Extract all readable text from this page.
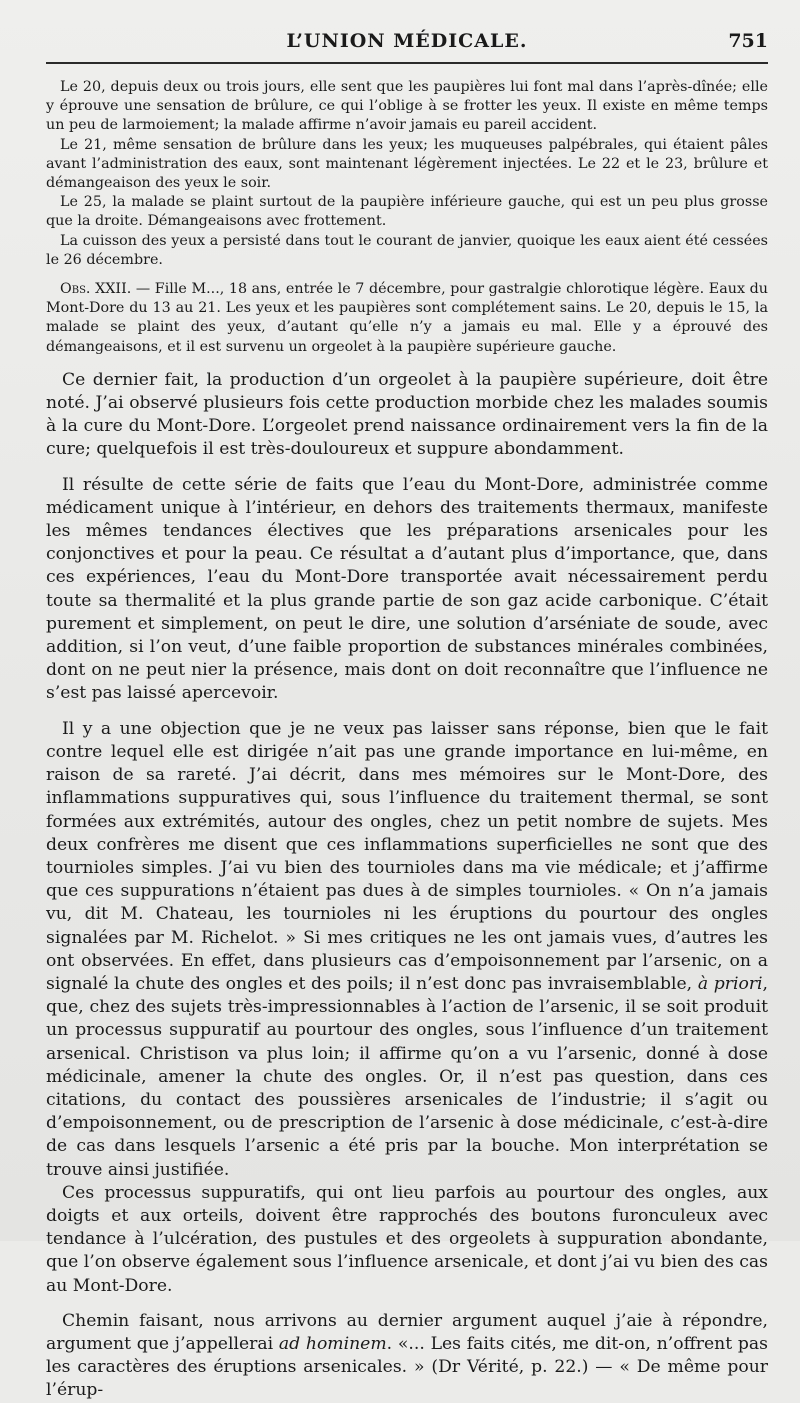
L’UNION MÉDICALE.	751

Le 20, depuis deux ou trois jours, elle sent que les paupières lui font mal dans l’après-dînée; elle y éprouve une sensation de brûlure, ce qui l’oblige à se frotter les yeux. Il existe en même temps un peu de larmoiement; la malade affirme n’avoir jamais eu pareil accident.

Le 21, même sensation de brûlure dans les yeux; les muqueuses palpébrales, qui étaient pâles avant l’administration des eaux, sont maintenant légèrement injectées. Le 22 et le 23, brûlure et démangeaison des yeux le soir.

Le 25, la malade se plaint surtout de la paupière inférieure gauche, qui est un peu plus grosse que la droite. Démangeaisons avec frottement.

La cuisson des yeux a persisté dans tout le courant de janvier, quoique les eaux aient été cessées le 26 décembre.

Obs. XXII. — Fille M..., 18 ans, entrée le 7 décembre, pour gastralgie chlorotique légère. Eaux du Mont-Dore du 13 au 21. Les yeux et les paupières sont complétement sains. Le 20, depuis le 15, la malade se plaint des yeux, d’autant qu’elle n’y a jamais eu mal. Elle y a éprouvé des démangeaisons, et il est survenu un orgeolet à la paupière supérieure gauche.

Ce dernier fait, la production d’un orgeolet à la paupière supérieure, doit être noté. J’ai observé plusieurs fois cette production morbide chez les malades soumis à la cure du Mont-Dore. L’orgeolet prend naissance ordinairement vers la fin de la cure; quelquefois il est très-douloureux et suppure abondamment.

Il résulte de cette série de faits que l’eau du Mont-Dore, administrée comme médicament unique à l’intérieur, en dehors des traitements thermaux, manifeste les mêmes tendances électives que les préparations arsenicales pour les conjonctives et pour la peau. Ce résultat a d’autant plus d’importance, que, dans ces expériences, l’eau du Mont-Dore transportée avait nécessairement perdu toute sa thermalité et la plus grande partie de son gaz acide carbonique. C’était purement et simplement, on peut le dire, une solution d’arséniate de soude, avec addition, si l’on veut, d’une faible proportion de substances minérales combinées, dont on ne peut nier la présence, mais dont on doit reconnaître que l’influence ne s’est pas laissé apercevoir.

Il y a une objection que je ne veux pas laisser sans réponse, bien que le fait contre lequel elle est dirigée n’ait pas une grande importance en lui-même, en raison de sa rareté. J’ai décrit, dans mes mémoires sur le Mont-Dore, des inflammations suppuratives qui, sous l’influence du traitement thermal, se sont formées aux extrémités, autour des ongles, chez un petit nombre de sujets. Mes deux confrères me disent que ces inflammations superficielles ne sont que des tournioles simples. J’ai vu bien des tournioles dans ma vie médicale; et j’affirme que ces suppurations n’étaient pas dues à de simples tournioles. « On n’a jamais vu, dit M. Chateau, les tournioles ni les éruptions du pourtour des ongles signalées par M. Richelot. » Si mes critiques ne les ont jamais vues, d’autres les ont observées. En effet, dans plusieurs cas d’empoisonnement par l’arsenic, on a signalé la chute des ongles et des poils; il n’est donc pas invraisemblable, à priori, que, chez des sujets très-impressionnables à l’action de l’arsenic, il se soit produit un processus suppuratif au pourtour des ongles, sous l’influence d’un traitement arsenical. Christison va plus loin; il affirme qu’on a vu l’arsenic, donné à dose médicinale, amener la chute des ongles. Or, il n’est pas question, dans ces citations, du contact des poussières arsenicales de l’industrie; il s’agit ou d’empoisonnement, ou de prescription de l’arsenic à dose médicinale, c’est-à-dire de cas dans lesquels l’arsenic a été pris par la bouche. Mon interprétation se trouve ainsi justifiée.

Ces processus suppuratifs, qui ont lieu parfois au pourtour des ongles, aux doigts et aux orteils, doivent être rapprochés des boutons furonculeux avec tendance à l’ulcération, des pustules et des orgeolets à suppuration abondante, que l’on observe également sous l’influence arsenicale, et dont j’ai vu bien des cas au Mont-Dore.

Chemin faisant, nous arrivons au dernier argument auquel j’aie à répondre, argument que j’appellerai ad hominem. «... Les faits cités, me dit-on, n’offrent pas les caractères des éruptions arsenicales. » (Dr Vérité, p. 22.) — « De même pour l’érup-
